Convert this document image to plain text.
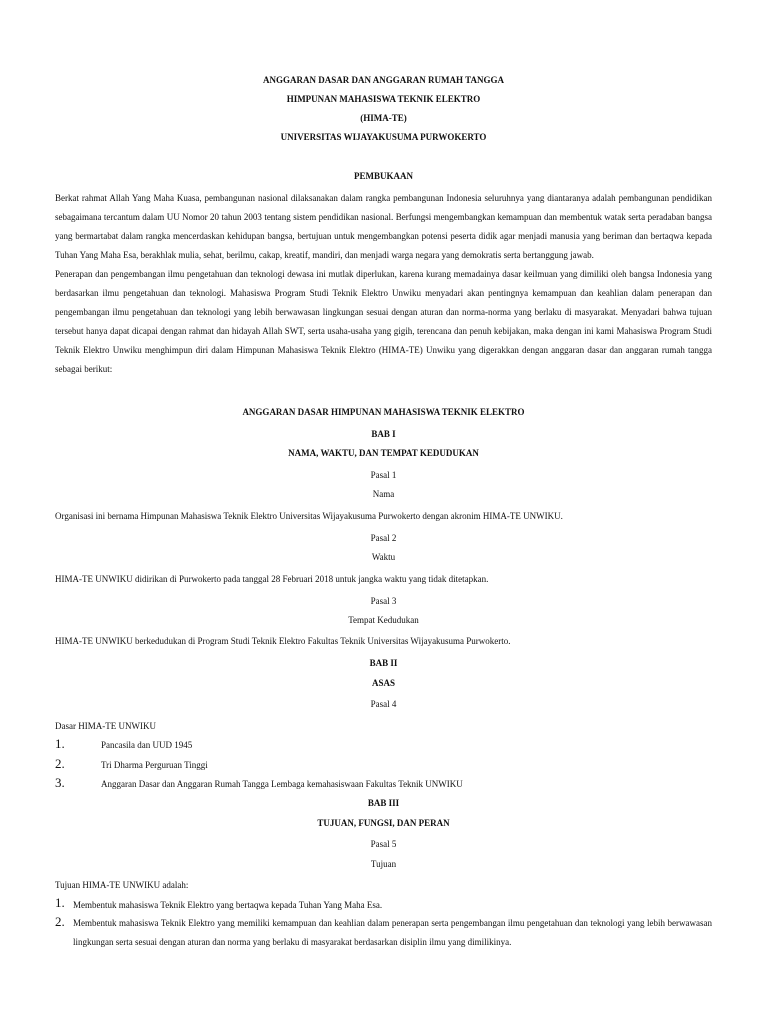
ANGGARAN DASAR DAN ANGGARAN RUMAH TANGGA
HIMPUNAN MAHASISWA TEKNIK ELEKTRO
(HIMA-TE)
UNIVERSITAS WIJAYAKUSUMA PURWOKERTO
PEMBUKAAN
Berkat rahmat Allah Yang Maha Kuasa, pembangunan nasional dilaksanakan dalam rangka pembangunan Indonesia seluruhnya yang diantaranya adalah pembangunan pendidikan sebagaimana tercantum dalam UU Nomor 20 tahun 2003 tentang sistem pendidikan nasional. Berfungsi mengembangkan kemampuan dan membentuk watak serta peradaban bangsa yang bermartabat dalam rangka mencerdaskan kehidupan bangsa, bertujuan untuk mengembangkan potensi peserta didik agar menjadi manusia yang beriman dan bertaqwa kepada Tuhan Yang Maha Esa, berakhlak mulia, sehat, berilmu, cakap, kreatif, mandiri, dan menjadi warga negara yang demokratis serta bertanggung jawab.
Penerapan dan pengembangan ilmu pengetahuan dan teknologi dewasa ini mutlak diperlukan, karena kurang memadainya dasar keilmuan yang dimiliki oleh bangsa Indonesia yang berdasarkan ilmu pengetahuan dan teknologi. Mahasiswa Program Studi Teknik Elektro Unwiku menyadari akan pentingnya kemampuan dan keahlian dalam penerapan dan pengembangan ilmu pengetahuan dan teknologi yang lebih berwawasan lingkungan sesuai dengan aturan dan norma-norma yang berlaku di masyarakat. Menyadari bahwa tujuan tersebut hanya dapat dicapai dengan rahmat dan hidayah Allah SWT, serta usaha-usaha yang gigih, terencana dan penuh kebijakan, maka dengan ini kami Mahasiswa Program Studi Teknik Elektro Unwiku menghimpun diri dalam Himpunan Mahasiswa Teknik Elektro (HIMA-TE) Unwiku yang digerakkan dengan anggaran dasar dan anggaran rumah tangga sebagai berikut:
ANGGARAN DASAR HIMPUNAN MAHASISWA TEKNIK ELEKTRO
BAB I
NAMA, WAKTU, DAN TEMPAT KEDUDUKAN
Pasal 1
Nama
Organisasi ini bernama Himpunan Mahasiswa Teknik Elektro Universitas Wijayakusuma Purwokerto dengan akronim HIMA-TE UNWIKU.
Pasal 2
Waktu
HIMA-TE UNWIKU didirikan di Purwokerto pada tanggal 28 Februari 2018 untuk jangka waktu yang tidak ditetapkan.
Pasal 3
Tempat Kedudukan
HIMA-TE UNWIKU berkedudukan di Program Studi Teknik Elektro Fakultas Teknik Universitas Wijayakusuma Purwokerto.
BAB II
ASAS
Pasal 4
Dasar HIMA-TE UNWIKU
1.	Pancasila dan UUD 1945
2.	Tri Dharma Perguruan Tinggi
3.	Anggaran Dasar dan Anggaran Rumah Tangga Lembaga kemahasiswaan Fakultas Teknik UNWIKU
BAB III
TUJUAN, FUNGSI, DAN PERAN
Pasal 5
Tujuan
Tujuan HIMA-TE UNWIKU adalah:
1. Membentuk mahasiswa Teknik Elektro yang bertaqwa kepada Tuhan Yang Maha Esa.
2. Membentuk mahasiswa Teknik Elektro yang memiliki kemampuan dan keahlian dalam penerapan serta pengembangan ilmu pengetahuan dan teknologi yang lebih berwawasan lingkungan serta sesuai dengan aturan dan norma yang berlaku di masyarakat berdasarkan disiplin ilmu yang dimilikinya.
